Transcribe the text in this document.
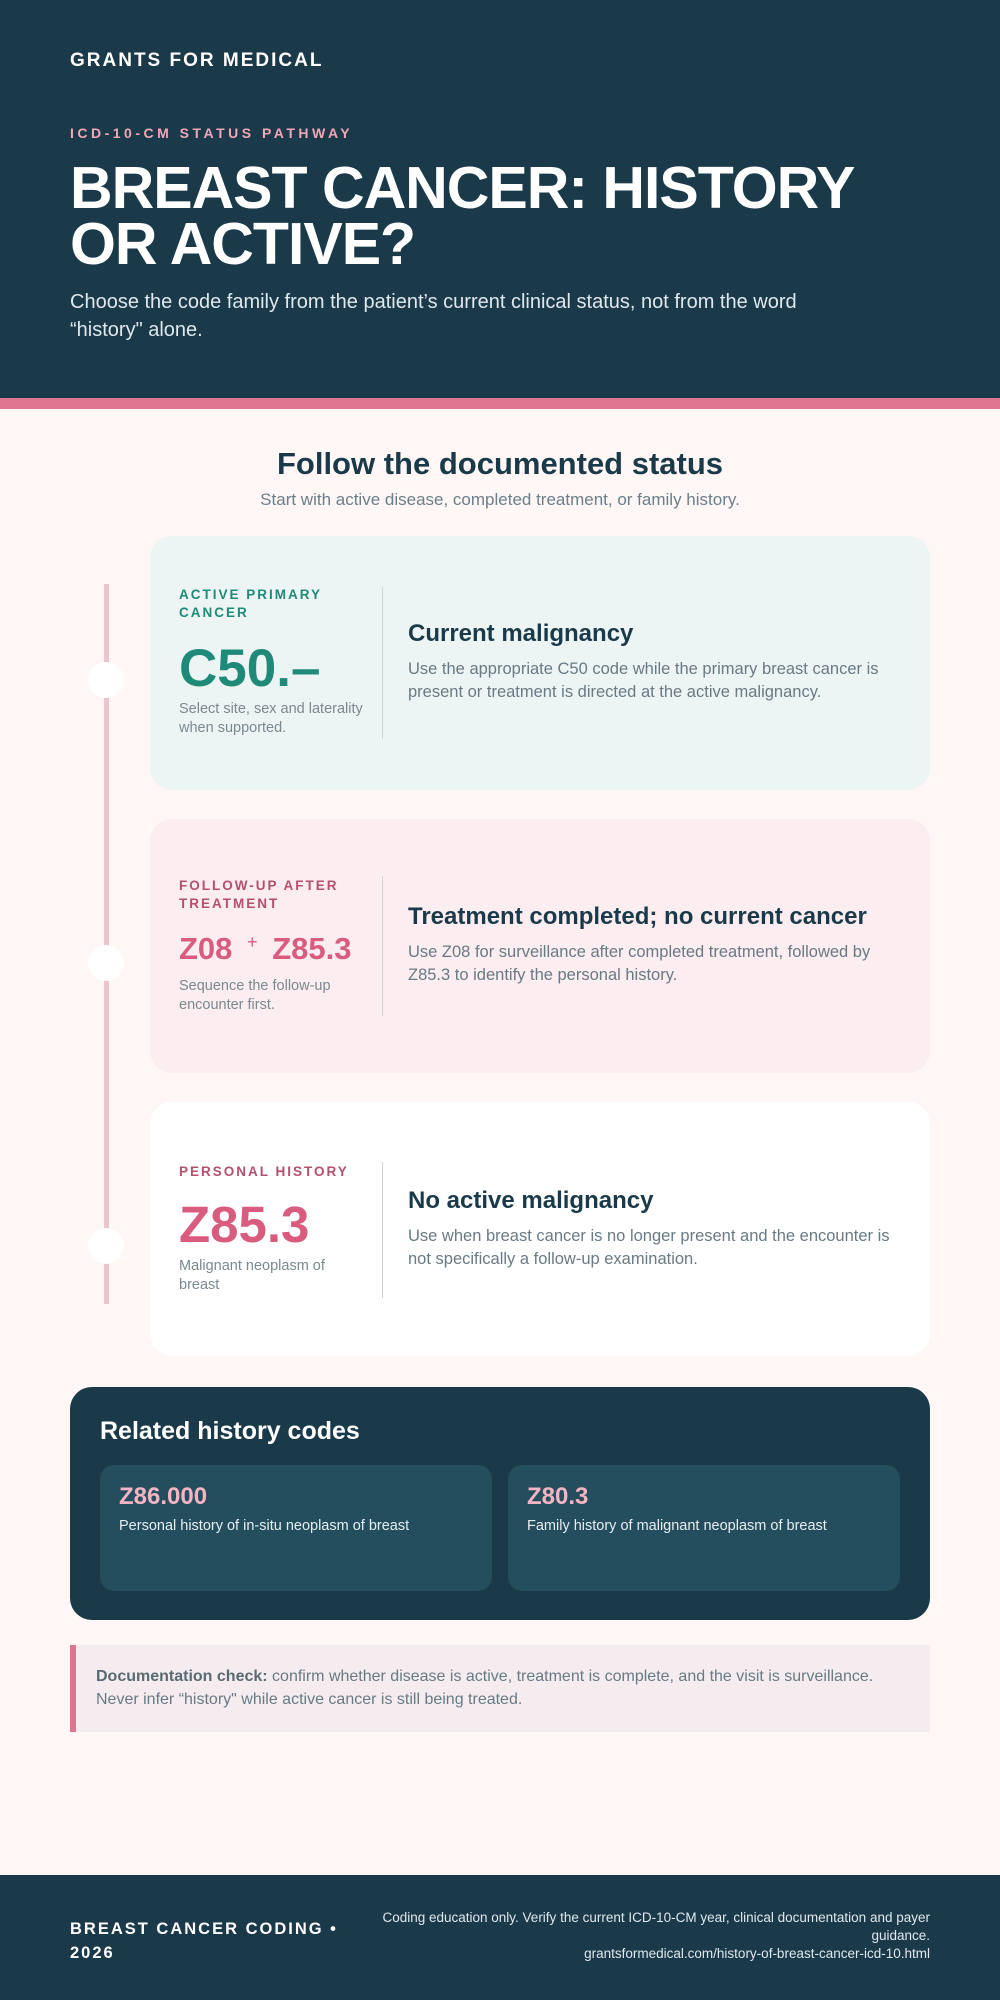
GRANTS FOR MEDICAL
ICD-10-CM STATUS PATHWAY
BREAST CANCER: HISTORY OR ACTIVE?
Choose the code family from the patient’s current clinical status, not from the word “history" alone.
Follow the documented status
Start with active disease, completed treatment, or family history.
ACTIVE PRIMARY CANCER
C50.–
Select site, sex and laterality when supported.
Current malignancy
Use the appropriate C50 code while the primary breast cancer is present or treatment is directed at the active malignancy.
FOLLOW-UP AFTER TREATMENT
Z08 + Z85.3
Sequence the follow-up encounter first.
Treatment completed; no current cancer
Use Z08 for surveillance after completed treatment, followed by Z85.3 to identify the personal history.
PERSONAL HISTORY
Z85.3
Malignant neoplasm of breast
No active malignancy
Use when breast cancer is no longer present and the encounter is not specifically a follow-up examination.
Related history codes
Z86.000
Personal history of in-situ neoplasm of breast
Z80.3
Family history of malignant neoplasm of breast
Documentation check: confirm whether disease is active, treatment is complete, and the visit is surveillance. Never infer “history" while active cancer is still being treated.
BREAST CANCER CODING • 2026
Coding education only. Verify the current ICD-10-CM year, clinical documentation and payer guidance.
grantsformedical.com/history-of-breast-cancer-icd-10.html
